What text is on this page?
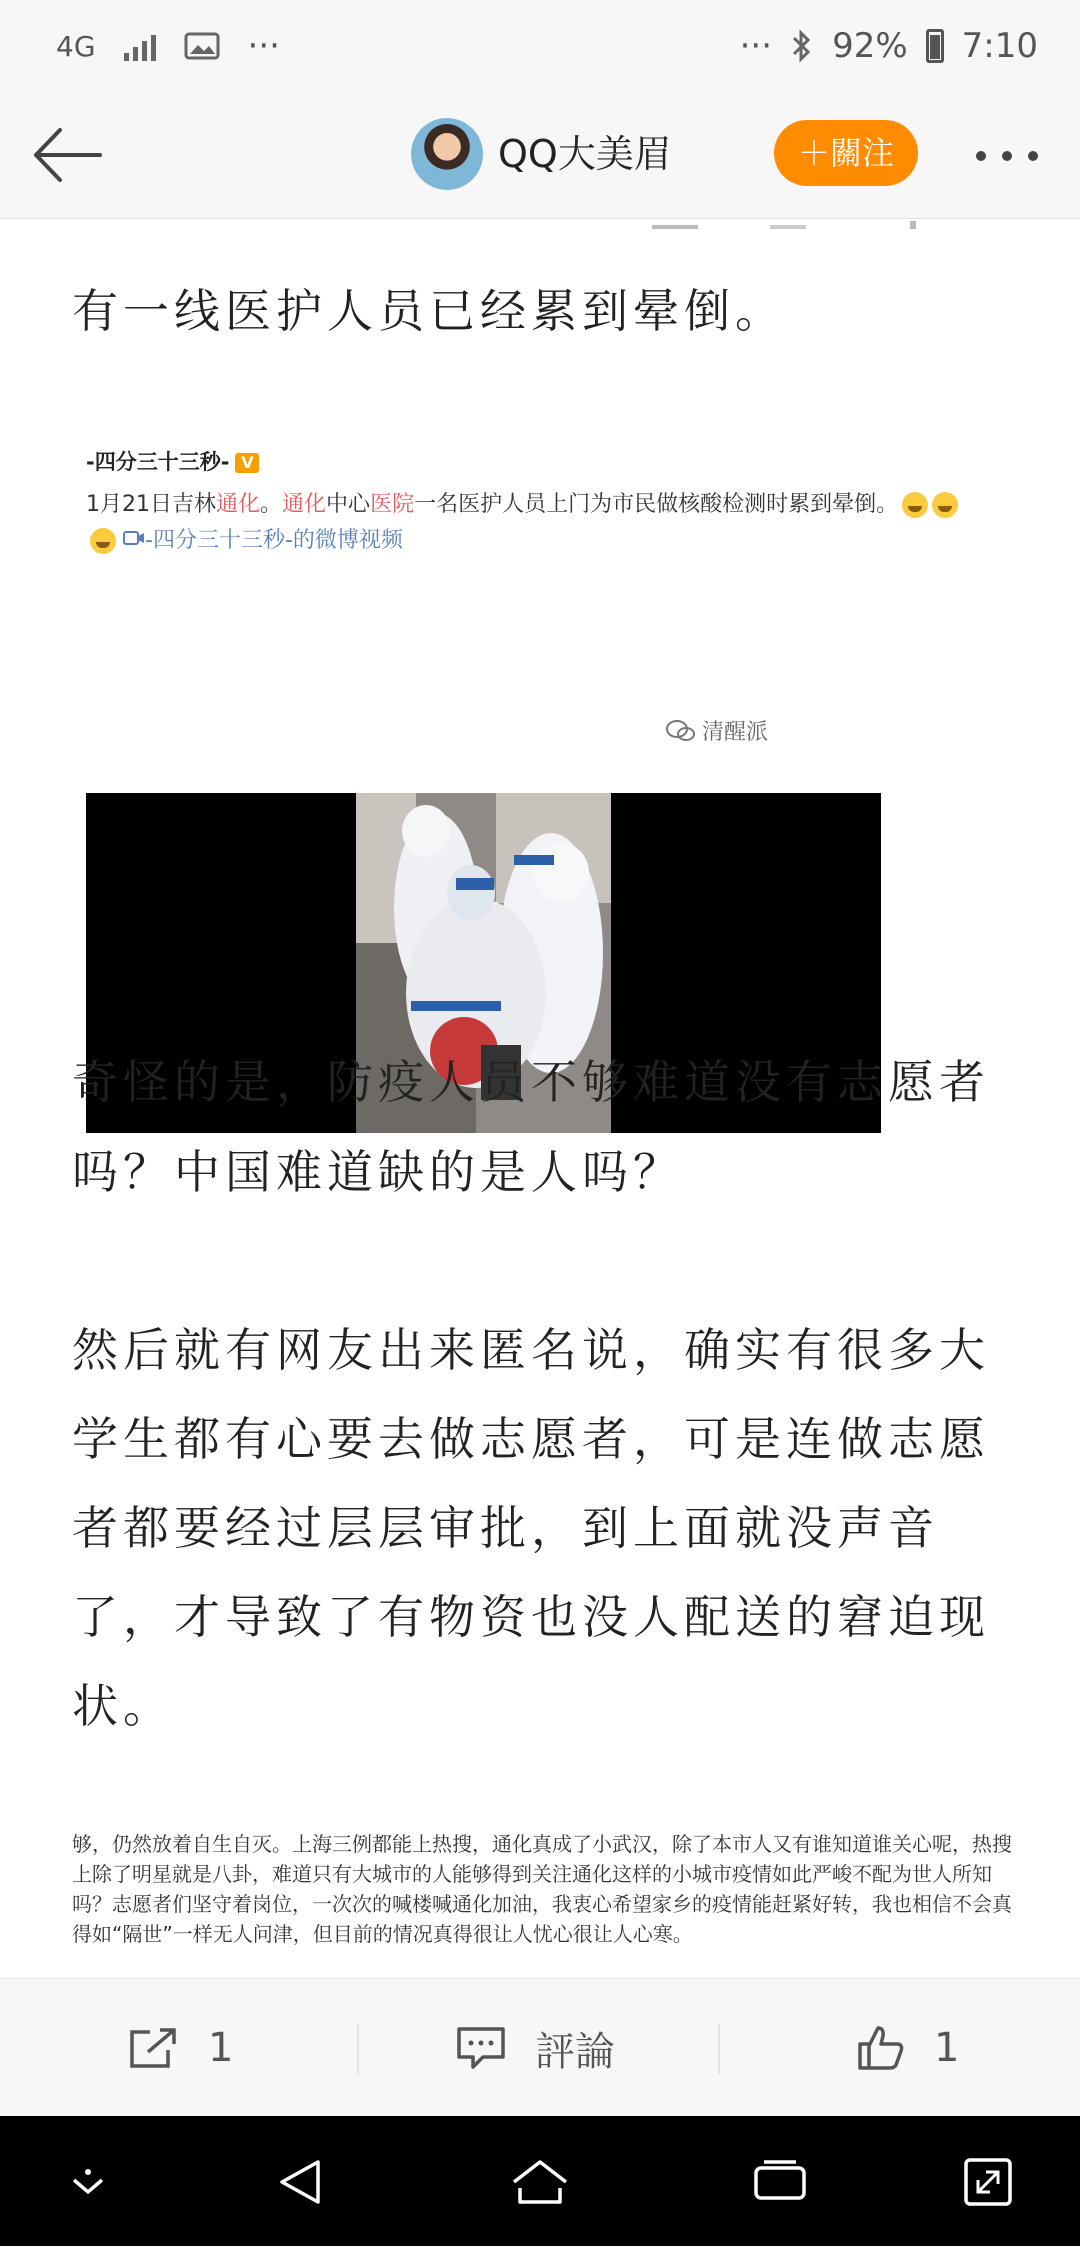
4G	···	··· 92% 7:10
QQ大美眉	＋關注
有一线医护人员已经累到晕倒。
-四分三十三秒- V
1月21日吉林通化。通化中心医院一名医护人员上门为市民做核酸检测时累到晕倒。
-四分三十三秒-的微博视频
清醒派
奇怪的是，防疫人员不够难道没有志愿者吗？中国难道缺的是人吗？
然后就有网友出来匿名说，确实有很多大学生都有心要去做志愿者，可是连做志愿者都要经过层层审批，到上面就没声音了，才导致了有物资也没人配送的窘迫现状。
够，仍然放着自生自灭。上海三例都能上热搜，通化真成了小武汉，除了本市人又有谁知道谁关心呢，热搜上除了明星就是八卦，难道只有大城市的人能够得到关注通化这样的小城市疫情如此严峻不配为世人所知吗？志愿者们坚守着岗位，一次次的喊楼喊通化加油，我衷心希望家乡的疫情能赶紧好转，我也相信不会真得如“隔世”一样无人问津，但目前的情况真得很让人忧心很让人心寒。
1	評論	1
